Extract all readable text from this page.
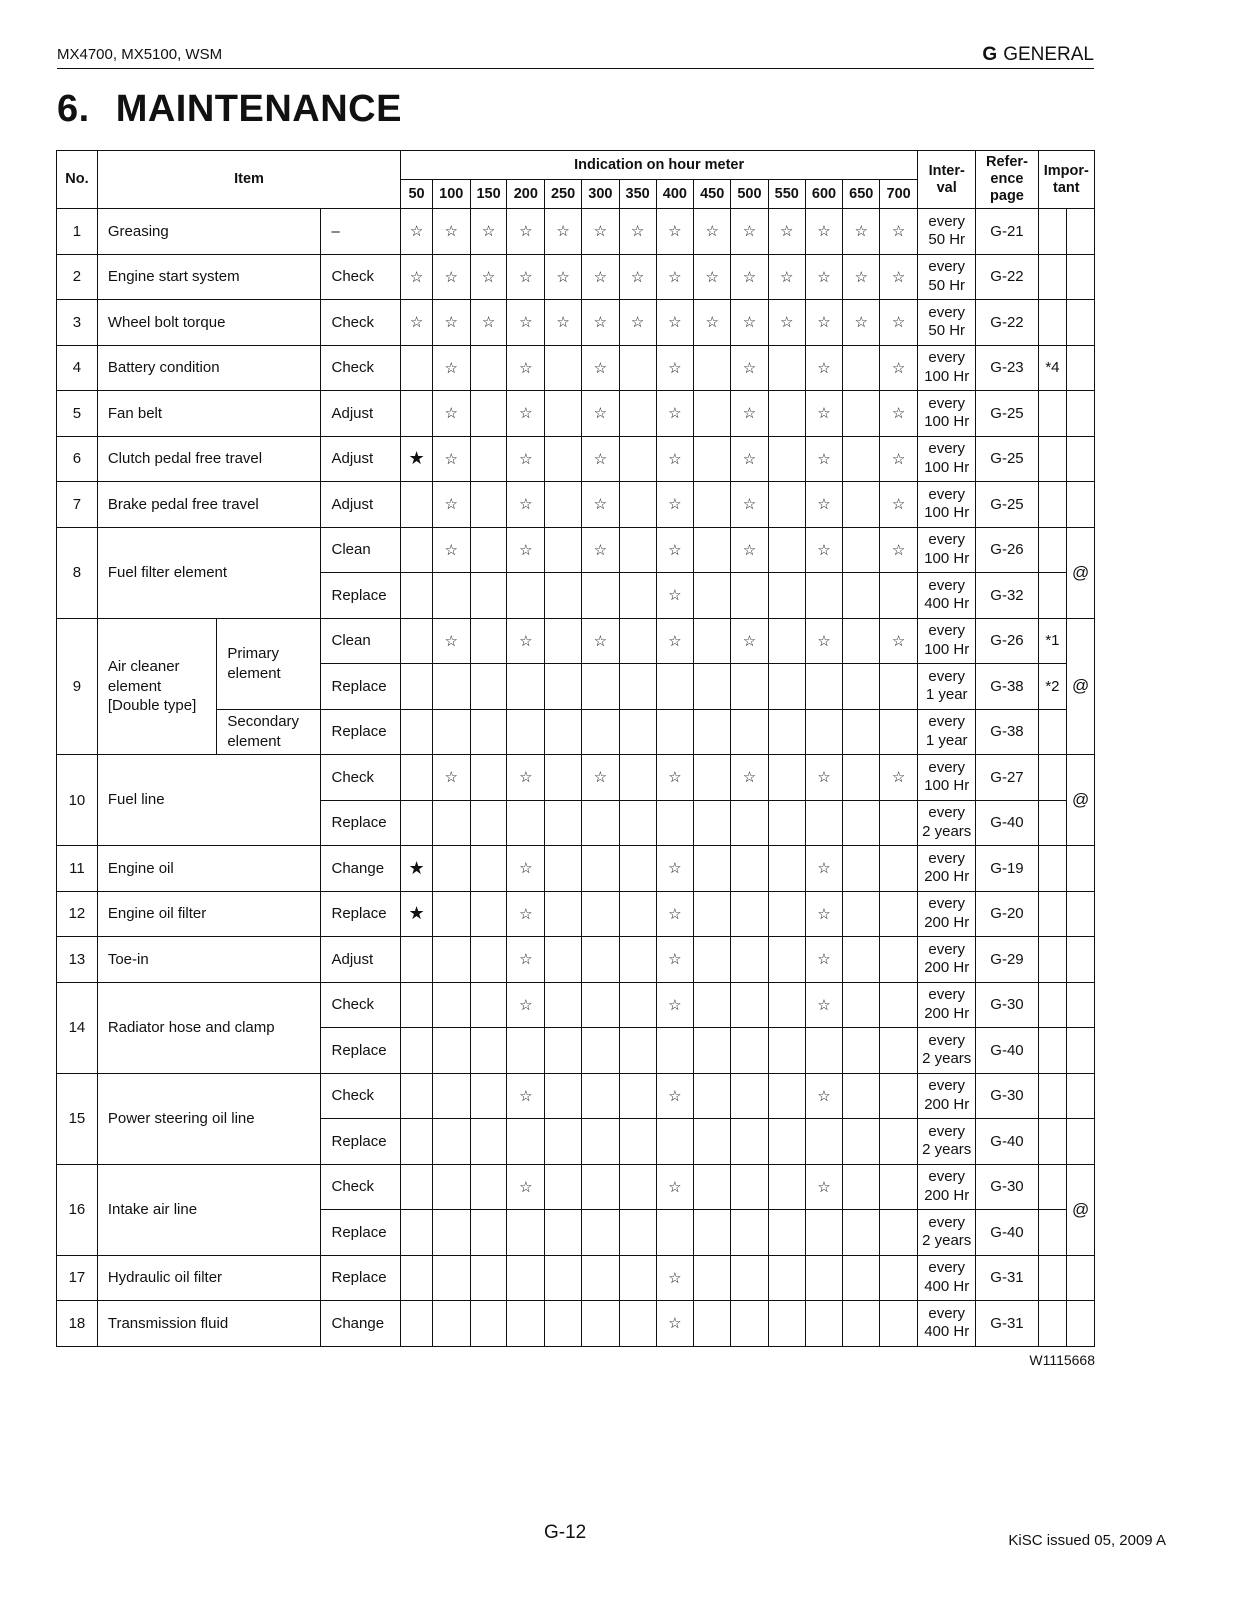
MX4700, MX5100, WSM	G GENERAL
6. MAINTENANCE
No.	Item			Indication on hour meter														Inter-
val	Refer-
ence
page	Impor-
tant	
				50	100	150	200	250	300	350	400	450	500	550	600	650	700				
1	Greasing		–	☆	☆	☆	☆	☆	☆	☆	☆	☆	☆	☆	☆	☆	☆	every
50 Hr	G-21		
2	Engine start system		Check	☆	☆	☆	☆	☆	☆	☆	☆	☆	☆	☆	☆	☆	☆	every
50 Hr	G-22		
3	Wheel bolt torque		Check	☆	☆	☆	☆	☆	☆	☆	☆	☆	☆	☆	☆	☆	☆	every
50 Hr	G-22		
4	Battery condition		Check		☆		☆		☆		☆		☆		☆		☆	every
100 Hr	G-23	*4	
5	Fan belt		Adjust		☆		☆		☆		☆		☆		☆		☆	every
100 Hr	G-25		
6	Clutch pedal free travel		Adjust	★	☆		☆		☆		☆		☆		☆		☆	every
100 Hr	G-25		
7	Brake pedal free travel		Adjust		☆		☆		☆		☆		☆		☆		☆	every
100 Hr	G-25		
8	Fuel filter element		Clean		☆		☆		☆		☆		☆		☆		☆	every
100 Hr	G-26		@
			Replace								☆							every
400 Hr	G-32		
9	Air cleaner
element
[Double type]	Primary
element	Clean		☆		☆		☆		☆		☆		☆		☆	every
100 Hr	G-26	*1	@
			Replace															every
1 year	G-38	*2	
		Secondary
element	Replace															every
1 year	G-38		
10	Fuel line		Check		☆		☆		☆		☆		☆		☆		☆	every
100 Hr	G-27		@
			Replace															every
2 years	G-40		
11	Engine oil		Change	★			☆				☆				☆			every
200 Hr	G-19		
12	Engine oil filter		Replace	★			☆				☆				☆			every
200 Hr	G-20		
13	Toe-in		Adjust				☆				☆				☆			every
200 Hr	G-29		
14	Radiator hose and clamp		Check				☆				☆				☆			every
200 Hr	G-30		
			Replace															every
2 years	G-40		
15	Power steering oil line		Check				☆				☆				☆			every
200 Hr	G-30		
			Replace															every
2 years	G-40		
16	Intake air line		Check				☆				☆				☆			every
200 Hr	G-30		@
			Replace															every
2 years	G-40		
17	Hydraulic oil filter		Replace								☆							every
400 Hr	G-31		
18	Transmission fluid		Change								☆							every
400 Hr	G-31		
W1115668
G-12	KiSC issued 05, 2009 A
